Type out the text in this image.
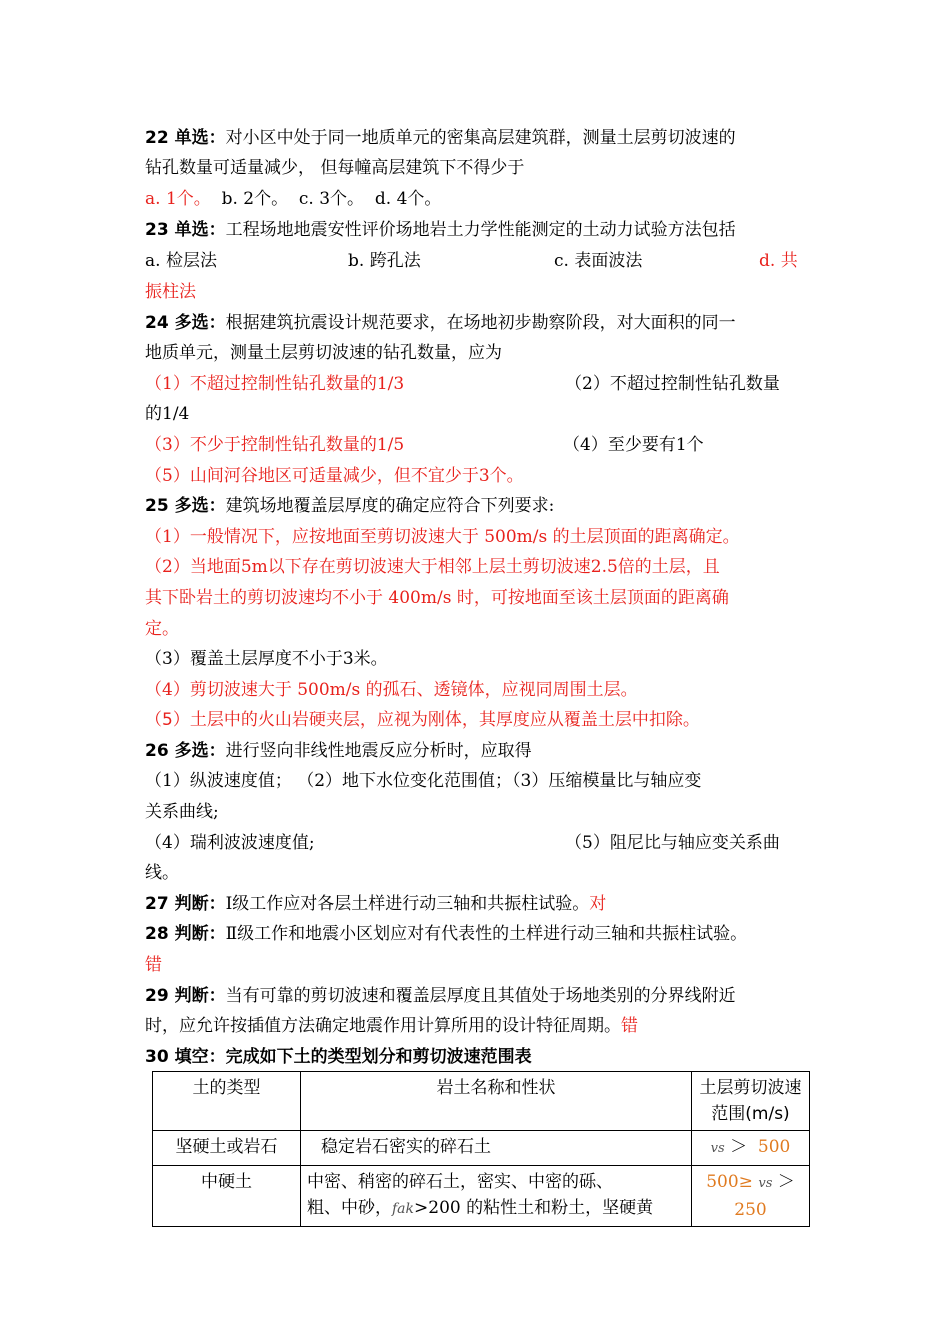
22 单选：对小区中处于同一地质单元的密集高层建筑群，测量土层剪切波速的
钻孔数量可适量减少， 但每幢高层建筑下不得少于
a. 1个。 b. 2个。 c. 3个。 d. 4个。
23 单选：工程场地地震安性评价场地岩土力学性能测定的土动力试验方法包括
a. 检层法	b. 跨孔法	c. 表面波法	d. 共
振柱法
24 多选：根据建筑抗震设计规范要求，在场地初步勘察阶段，对大面积的同一
地质单元，测量土层剪切波速的钻孔数量，应为
（1）不超过控制性钻孔数量的1/3	（2）不超过控制性钻孔数量
的1/4
（3）不少于控制性钻孔数量的1/5	（4）至少要有1个
（5）山间河谷地区可适量减少，但不宜少于3个。
25 多选：建筑场地覆盖层厚度的确定应符合下列要求:
（1）一般情况下，应按地面至剪切波速大于 500m/s 的土层顶面的距离确定。
（2）当地面5m以下存在剪切波速大于相邻上层土剪切波速2.5倍的土层，且
其下卧岩土的剪切波速均不小于 400m/s 时，可按地面至该土层顶面的距离确
定。
（3）覆盖土层厚度不小于3米。
（4）剪切波速大于 500m/s 的孤石、透镜体，应视同周围土层。
（5）土层中的火山岩硬夹层，应视为刚体，其厚度应从覆盖土层中扣除。
26 多选：进行竖向非线性地震反应分析时，应取得
（1）纵波速度值； （2）地下水位变化范围值；（3）压缩模量比与轴应变
关系曲线;
（4）瑞利波波速度值;	（5）阻尼比与轴应变关系曲
线。
27 判断：Ⅰ级工作应对各层土样进行动三轴和共振柱试验。对
28 判断：Ⅱ级工作和地震小区划应对有代表性的土样进行动三轴和共振柱试验。
错
29 判断：当有可靠的剪切波速和覆盖层厚度且其值处于场地类别的分界线附近
时，应允许按插值方法确定地震作用计算所用的设计特征周期。错
30 填空：完成如下土的类型划分和剪切波速范围表
土的类型	岩土名称和性状	土层剪切波速范围(m/s)
坚硬土或岩石	稳定岩石密实的碎石土	vs ＞ 500
中硬土	中密、稍密的碎石土，密实、中密的砾、
粗、中砂，fak>200 的粘性土和粉土，坚硬黄	500≥ vs ＞ 250
